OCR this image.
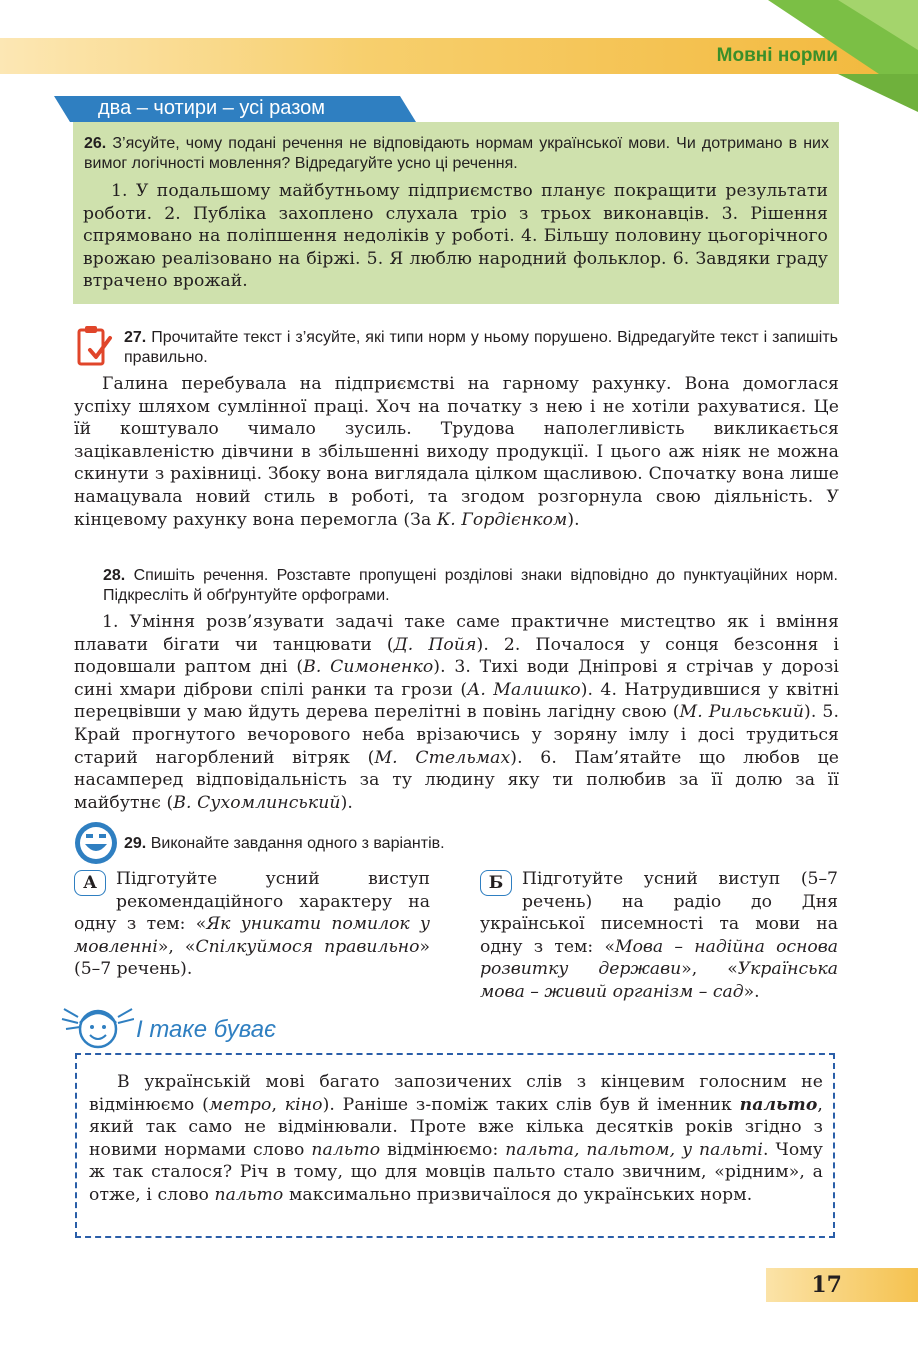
Мовні норми
два – чотири – усі разом
26. З’ясуйте, чому подані речення не відповідають нормам української мови. Чи дотримано в них вимог логічності мовлення? Відредагуйте усно ці речення.

1. У подальшому майбутньому підприємство планує покращити результати роботи. 2. Публіка захоплено слухала тріо з трьох виконавців. 3. Рішення спрямовано на поліпшення недоліків у роботі. 4. Більшу половину цьогорічного врожаю реалізовано на біржі. 5. Я люблю народний фольклор. 6. Завдяки граду втрачено врожай.

27. Прочитайте текст і з’ясуйте, які типи норм у ньому порушено. Відредагуйте текст і запишіть правильно.

Галина перебувала на підприємстві на гарному рахунку. Вона домоглася успіху шляхом сумлінної праці. Хоч на початку з нею і не хотіли рахуватися. Це їй коштувало чимало зусиль. Трудова наполегливість викликається зацікавленістю дівчини в збільшенні виходу продукції. І цього аж ніяк не можна скинути з рахівниці. Збоку вона виглядала цілком щасливою. Спочатку вона лише намацувала новий стиль в роботі, та згодом розгорнула свою діяльність. У кінцевому рахунку вона перемогла (За К. Гордієнком).

28. Спишіть речення. Розставте пропущені розділові знаки відповідно до пунктуаційних норм. Підкресліть й обґрунтуйте орфограми.

1. Уміння розв’язувати задачі таке саме практичне мистецтво як і вміння плавати бігати чи танцювати (Д. Пойя). 2. Почалося у сонця безсоння і подовшали раптом дні (В. Симоненко). 3. Тихі води Дніпрові я стрічав у дорозі сині хмари діброви спілі ранки та грози (А. Малишко). 4. Натрудившися у квітні перецвівши у маю йдуть дерева перелітні в повінь лагідну свою (М. Рильський). 5. Край прогнутого вечорового неба врізаючись у зоряну імлу і досі трудиться старий нагорблений вітряк (М. Стельмах). 6. Пам’ятайте що любов це насамперед відповідальність за ту людину яку ти полюбив за її долю за її майбутнє (В. Сухомлинський).

29. Виконайте завдання одного з варіантів.
А	Підготуйте усний виступ рекомендаційного характеру на одну з тем: «Як уникати помилок у мовленні», «Спілкуймося правильно» (5–7 речень).
Б	Підготуйте усний виступ (5–7 речень) на радіо до Дня української писемності та мови на одну з тем: «Мова – надійна основа розвитку держави», «Українська мова – живий організм – сад».
І таке буває

В українській мові багато запозичених слів з кінцевим голосним не відмінюємо (метро, кіно). Раніше з-поміж таких слів був й іменник пальто, який так само не відмінювали. Проте вже кілька десятків років згідно з новими нормами слово пальто відмінюємо: пальта, пальтом, у пальті. Чому ж так сталося? Річ в тому, що для мовців пальто стало звичним, «рідним», а отже, і слово пальто максимально призвичаїлося до українських норм.

17
